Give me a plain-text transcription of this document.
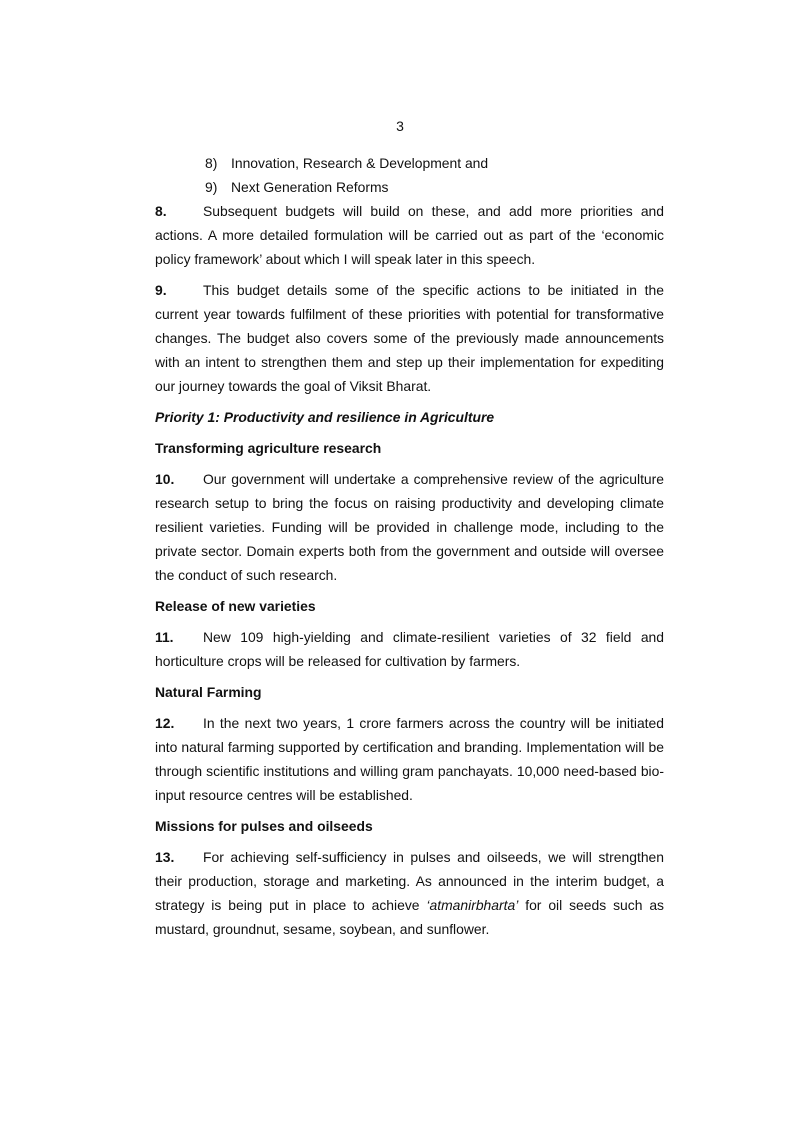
3
8) Innovation, Research & Development and
9) Next Generation Reforms

8.	Subsequent budgets will build on these, and add more priorities and actions. A more detailed formulation will be carried out as part of the ‘economic policy framework’ about which I will speak later in this speech.

9.	This budget details some of the specific actions to be initiated in the current year towards fulfilment of these priorities with potential for transformative changes. The budget also covers some of the previously made announcements with an intent to strengthen them and step up their implementation for expediting our journey towards the goal of Viksit Bharat.

Priority 1: Productivity and resilience in Agriculture
Transforming agriculture research

10. Our government will undertake a comprehensive review of the agriculture research setup to bring the focus on raising productivity and developing climate resilient varieties. Funding will be provided in challenge mode, including to the private sector. Domain experts both from the government and outside will oversee the conduct of such research.

Release of new varieties

11. New 109 high-yielding and climate-resilient varieties of 32 field and horticulture crops will be released for cultivation by farmers.

Natural Farming

12. In the next two years, 1 crore farmers across the country will be initiated into natural farming supported by certification and branding. Implementation will be through scientific institutions and willing gram panchayats. 10,000 need-based bio-input resource centres will be established.

Missions for pulses and oilseeds

13. For achieving self-sufficiency in pulses and oilseeds, we will strengthen their production, storage and marketing. As announced in the interim budget, a strategy is being put in place to achieve ‘atmanirbharta’ for oil seeds such as mustard, groundnut, sesame, soybean, and sunflower.
